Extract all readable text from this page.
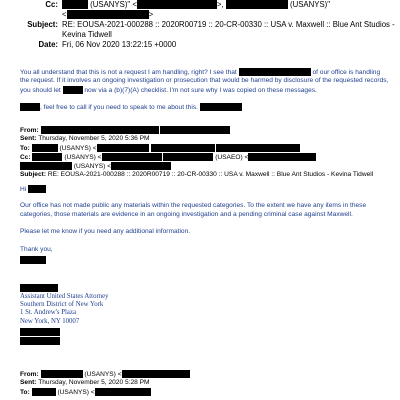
Cc:	(USANYS)" <	>,	(USANYS)"
<	>
Subject: RE: EOUSA-2021-000288 :: 2020R00719 :: 20-CR-00330 :: USA v. Maxwell :: Blue Ant Studios -
Kevina Tidwell
Date: Fri, 06 Nov 2020 13:22:15 +0000
You all understand that this is not a request I am handling, right? I see that	of our office is handling the request. If it involves an ongoing investigation or prosecution that would be harmed by disclosure of the requested records, you should let	now via a (b)(7)(A) checklist. I'm not sure why I was copied on these messages.
, feel free to call if you need to speak to me about this.
From:
Sent: Thursday, November 5, 2020 5:36 PM
To:	(USANYS) <
Cc:	(USANYS) <	(USAEO) <
(USANYS) <
Subject: RE: EOUSA-2021-000288 :: 2020R00719 :: 20-CR-00330 :: USA v. Maxwell :: Blue Ant Studios - Kevina Tidwell
Hi
Our office has not made public any materials within the requested categories. To the extent we have any items in these categories, those materials are evidence in an ongoing investigation and a pending criminal case against Maxwell.
Please let me know if you need any additional information.
Thank you,
Assistant United States Attorney
Southern District of New York
1 St. Andrew's Plaza
New York, NY 10007
From:	(USANYS) <
Sent: Thursday, November 5, 2020 5:28 PM
To:	(USANYS) <
